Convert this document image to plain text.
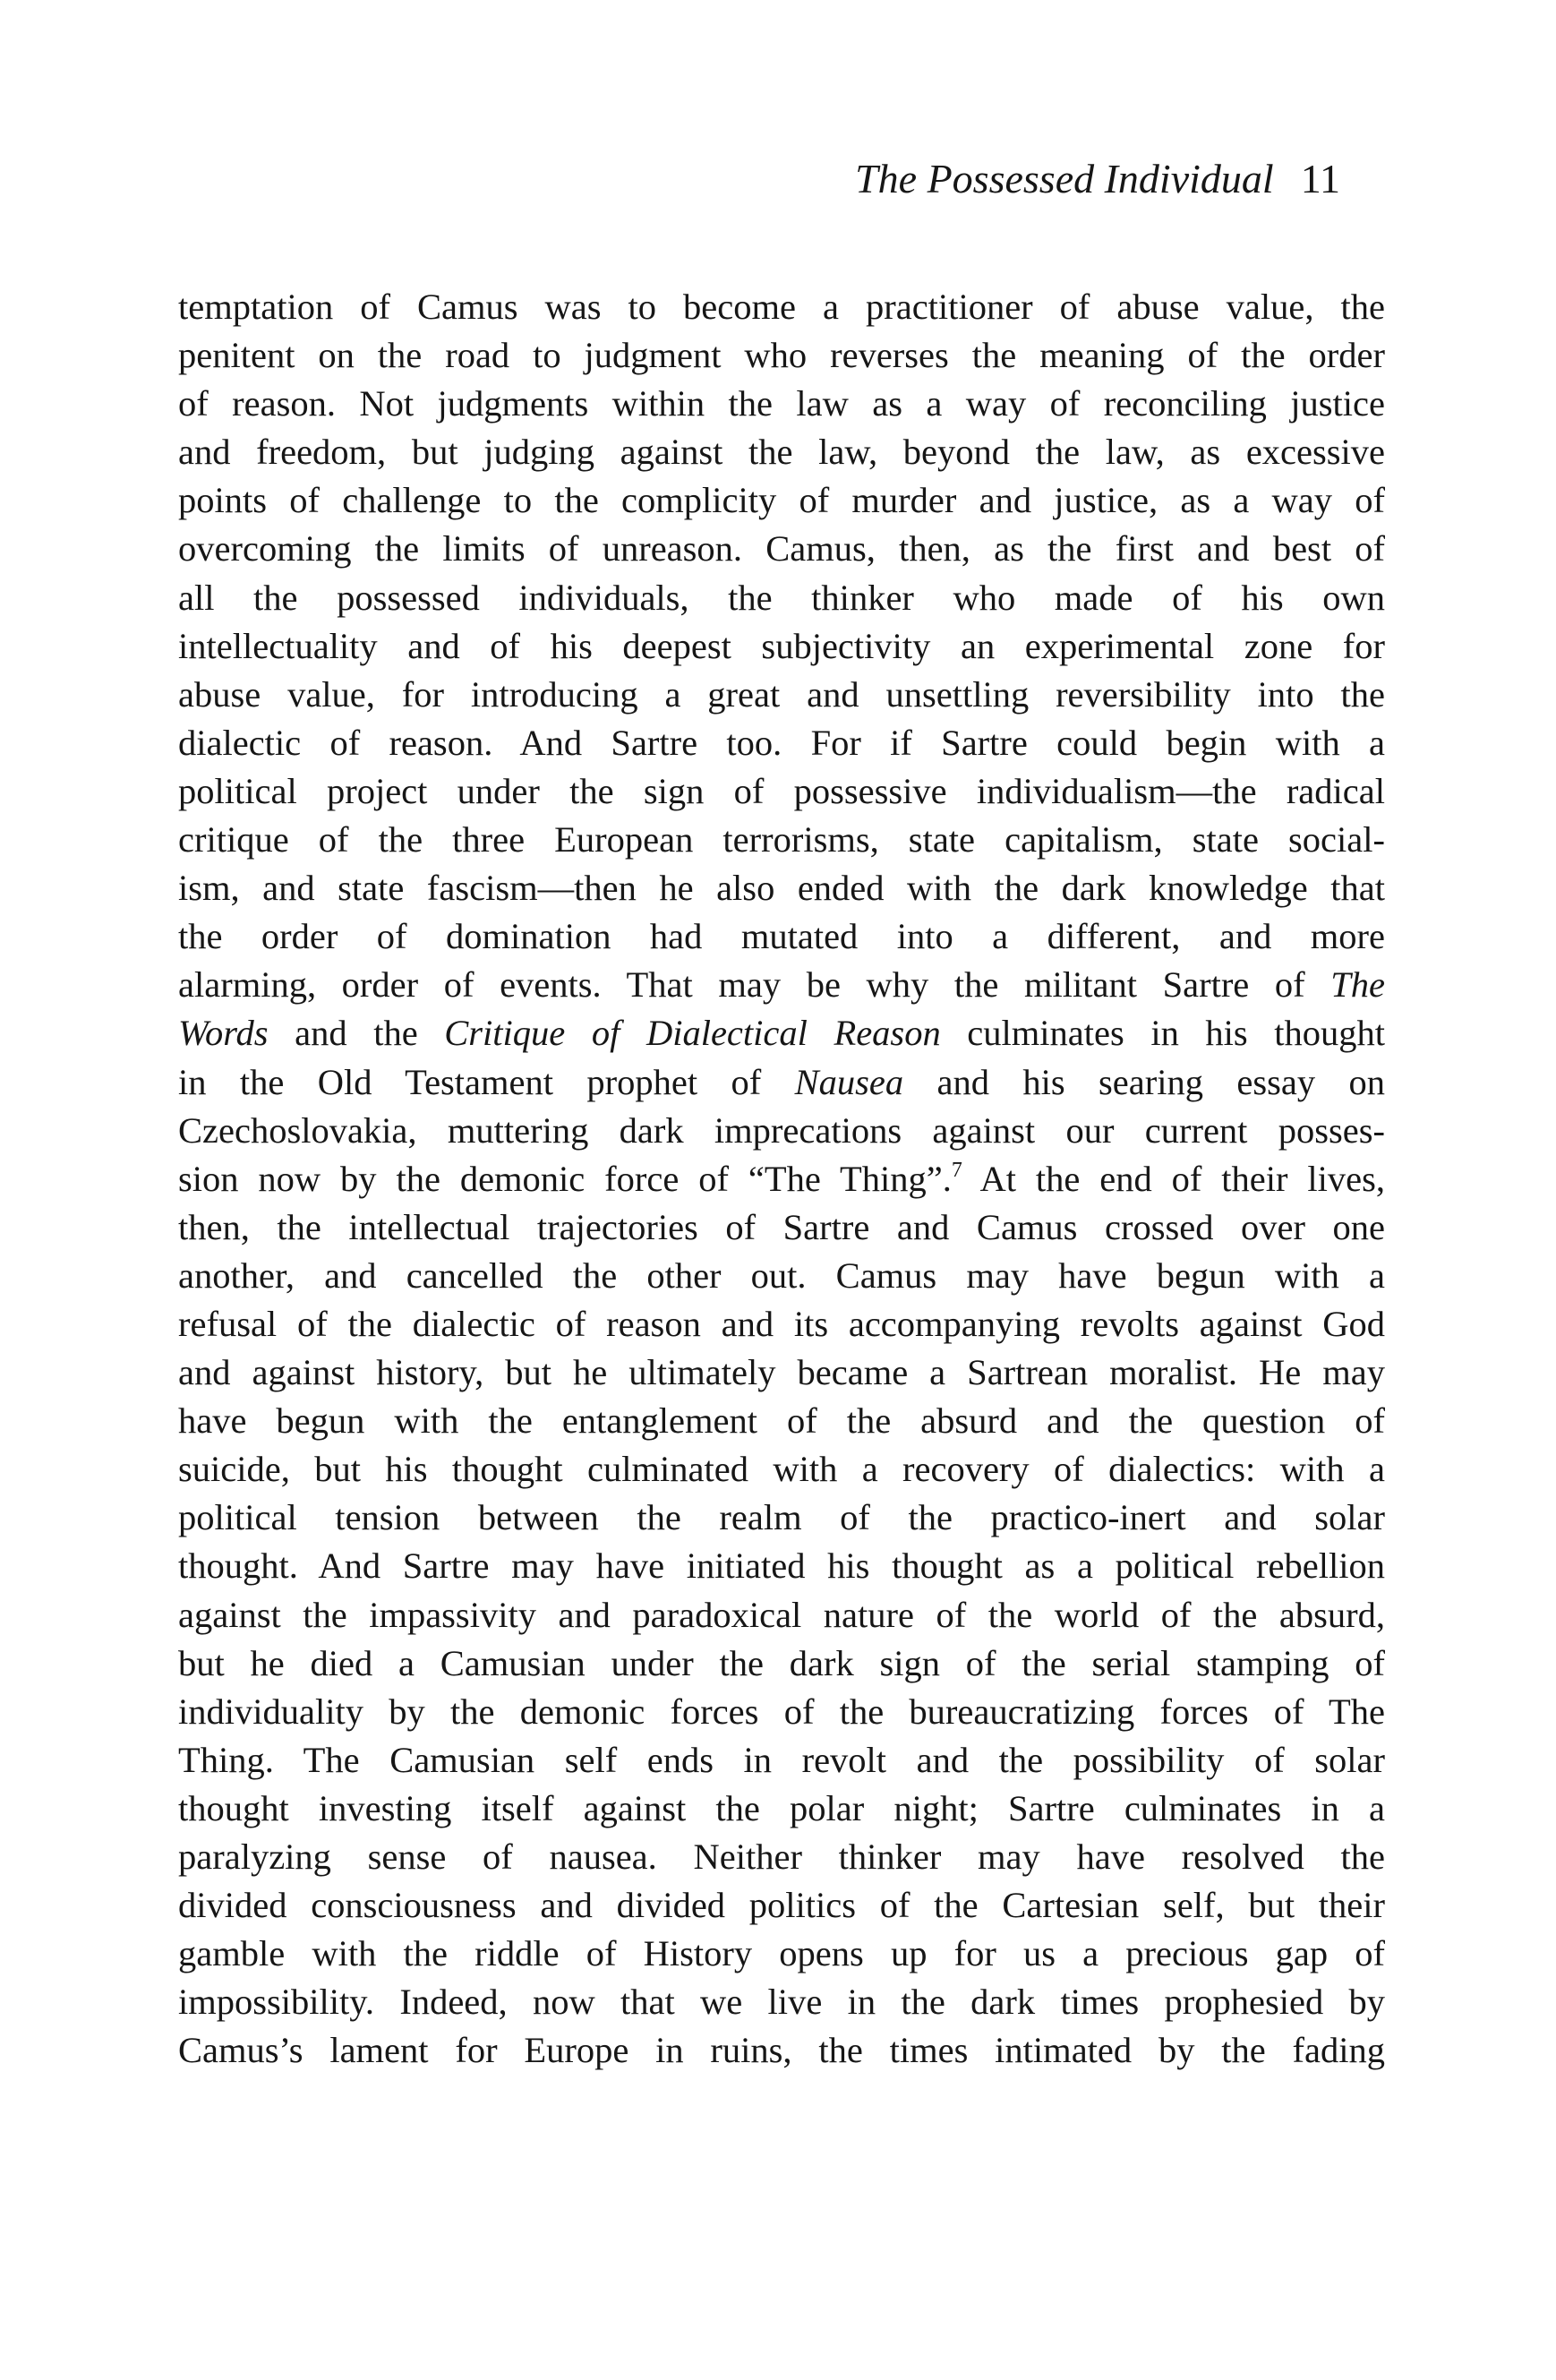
The Possessed Individual 11
temptation of Camus was to become a practitioner of abuse value, the
penitent on the road to judgment who reverses the meaning of the order
of reason. Not judgments within the law as a way of reconciling justice
and freedom, but judging against the law, beyond the law, as excessive
points of challenge to the complicity of murder and justice, as a way of
overcoming the limits of unreason. Camus, then, as the first and best of
all the possessed individuals, the thinker who made of his own
intellectuality and of his deepest subjectivity an experimental zone for
abuse value, for introducing a great and unsettling reversibility into the
dialectic of reason. And Sartre too. For if Sartre could begin with a
political project under the sign of possessive individualism—the radical
critique of the three European terrorisms, state capitalism, state social-
ism, and state fascism—then he also ended with the dark knowledge that
the order of domination had mutated into a different, and more
alarming, order of events. That may be why the militant Sartre of The
Words and the Critique of Dialectical Reason culminates in his thought
in the Old Testament prophet of Nausea and his searing essay on
Czechoslovakia, muttering dark imprecations against our current posses-
sion now by the demonic force of “The Thing”.$^7$ At the end of their lives,
then, the intellectual trajectories of Sartre and Camus crossed over one
another, and cancelled the other out. Camus may have begun with a
refusal of the dialectic of reason and its accompanying revolts against God
and against history, but he ultimately became a Sartrean moralist. He may
have begun with the entanglement of the absurd and the question of
suicide, but his thought culminated with a recovery of dialectics: with a
political tension between the realm of the practico-inert and solar
thought. And Sartre may have initiated his thought as a political rebellion
against the impassivity and paradoxical nature of the world of the absurd,
but he died a Camusian under the dark sign of the serial stamping of
individuality by the demonic forces of the bureaucratizing forces of The
Thing. The Camusian self ends in revolt and the possibility of solar
thought investing itself against the polar night; Sartre culminates in a
paralyzing sense of nausea. Neither thinker may have resolved the
divided consciousness and divided politics of the Cartesian self, but their
gamble with the riddle of History opens up for us a precious gap of
impossibility. Indeed, now that we live in the dark times prophesied by
Camus’s lament for Europe in ruins, the times intimated by the fading
